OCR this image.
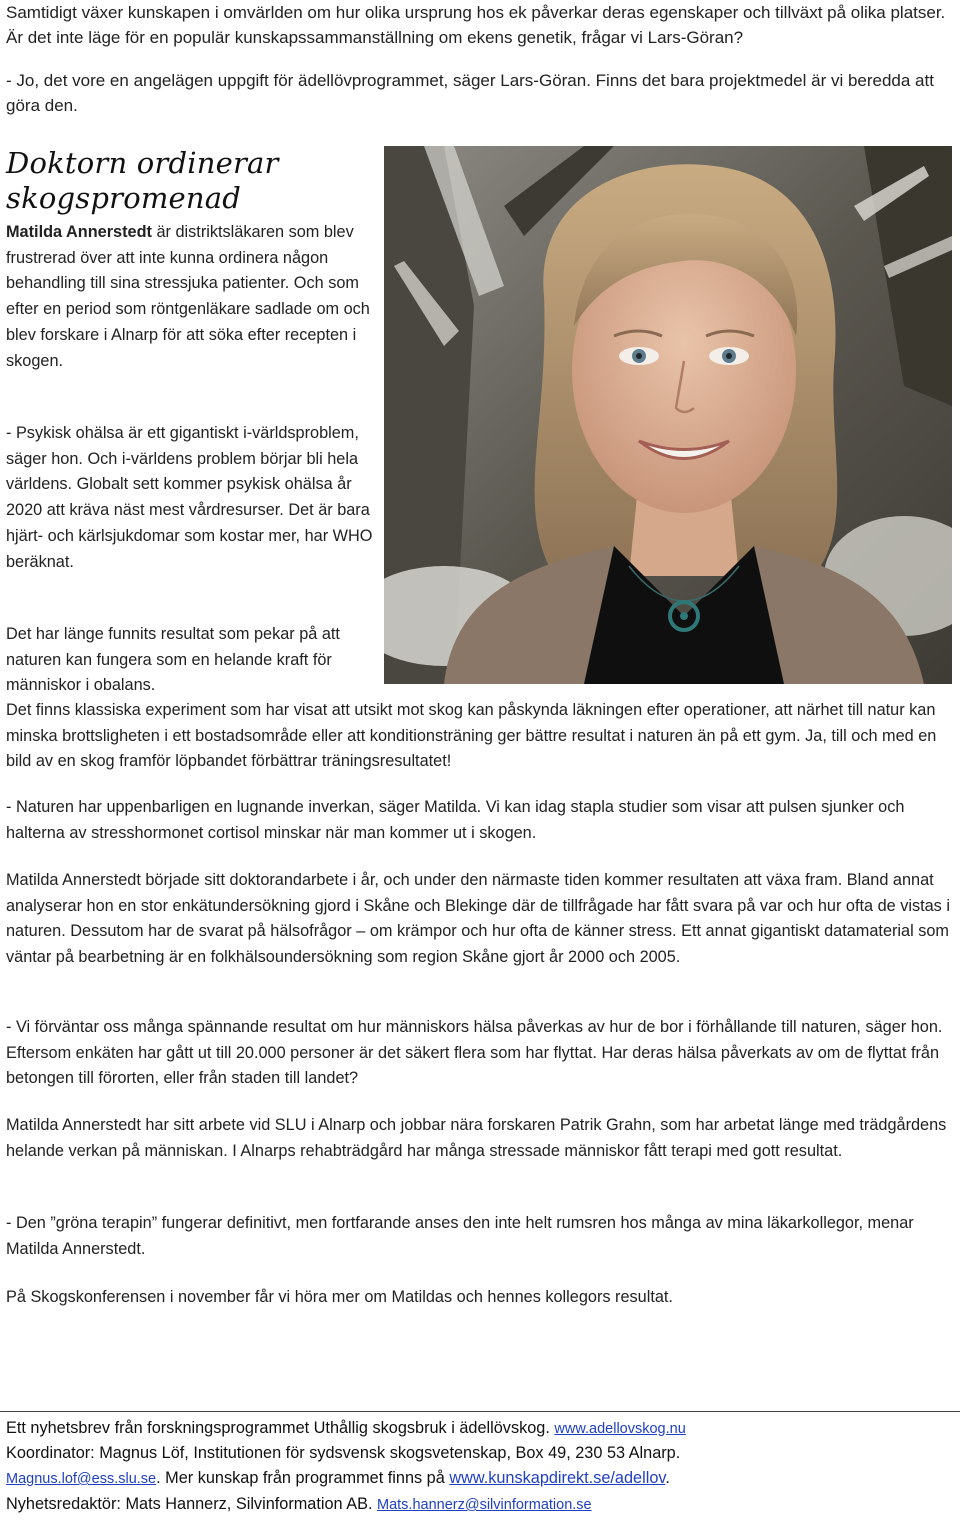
Samtidigt växer kunskapen i omvärlden om hur olika ursprung hos ek påverkar deras egenskaper och tillväxt på olika platser. Är det inte läge för en populär kunskapssammanställning om ekens genetik, frågar vi Lars-Göran?

- Jo, det vore en angelägen uppgift för ädellövprogrammet, säger Lars-Göran. Finns det bara projektmedel är vi beredda att göra den.

Doktorn ordinerar skogspromenad

Matilda Annerstedt är distriktsläkaren som blev frustrerad över att inte kunna ordinera någon behandling till sina stressjuka patienter. Och som efter en period som röntgenläkare sadlade om och blev forskare i Alnarp för att söka efter recepten i skogen.

- Psykisk ohälsa är ett gigantiskt i-världsproblem, säger hon. Och i-världens problem börjar bli hela världens. Globalt sett kommer psykisk ohälsa år 2020 att kräva näst mest vårdresurser. Det är bara hjärt- och kärlsjukdomar som kostar mer, har WHO beräknat.

Det har länge funnits resultat som pekar på att naturen kan fungera som en helande kraft för människor i obalans.

Det finns klassiska experiment som har visat att utsikt mot skog kan påskynda läkningen efter operationer, att närhet till natur kan minska brottsligheten i ett bostadsområde eller att konditionsträning ger bättre resultat i naturen än på ett gym. Ja, till och med en bild av en skog framför löpbandet förbättrar träningsresultatet!

- Naturen har uppenbarligen en lugnande inverkan, säger Matilda. Vi kan idag stapla studier som visar att pulsen sjunker och halterna av stresshormonet cortisol minskar när man kommer ut i skogen.

Matilda Annerstedt började sitt doktorandarbete i år, och under den närmaste tiden kommer resultaten att växa fram. Bland annat analyserar hon en stor enkätundersökning gjord i Skåne och Blekinge där de tillfrågade har fått svara på var och hur ofta de vistas i naturen. Dessutom har de svarat på hälsofrågor – om krämpor och hur ofta de känner stress. Ett annat gigantiskt datamaterial som väntar på bearbetning är en folkhälsoundersökning som region Skåne gjort år 2000 och 2005.

- Vi förväntar oss många spännande resultat om hur människors hälsa påverkas av hur de bor i förhållande till naturen, säger hon. Eftersom enkäten har gått ut till 20.000 personer är det säkert flera som har flyttat. Har deras hälsa påverkats av om de flyttat från betongen till förorten, eller från staden till landet?

Matilda Annerstedt har sitt arbete vid SLU i Alnarp och jobbar nära forskaren Patrik Grahn, som har arbetat länge med trädgårdens helande verkan på människan. I Alnarps rehabträdgård har många stressade människor fått terapi med gott resultat.

- Den ”gröna terapin” fungerar definitivt, men fortfarande anses den inte helt rumsren hos många av mina läkarkollegor, menar Matilda Annerstedt.

På Skogskonferensen i november får vi höra mer om Matildas och hennes kollegors resultat.

Ett nyhetsbrev från forskningsprogrammet Uthållig skogsbruk i ädellövskog. www.adellovskog.nu

Koordinator: Magnus Löf, Institutionen för sydsvensk skogsvetenskap, Box 49, 230 53 Alnarp.

Magnus.lof@ess.slu.se. Mer kunskap från programmet finns på www.kunskapdirekt.se/adellov.

Nyhetsredaktör: Mats Hannerz, Silvinformation AB. Mats.hannerz@silvinformation.se
